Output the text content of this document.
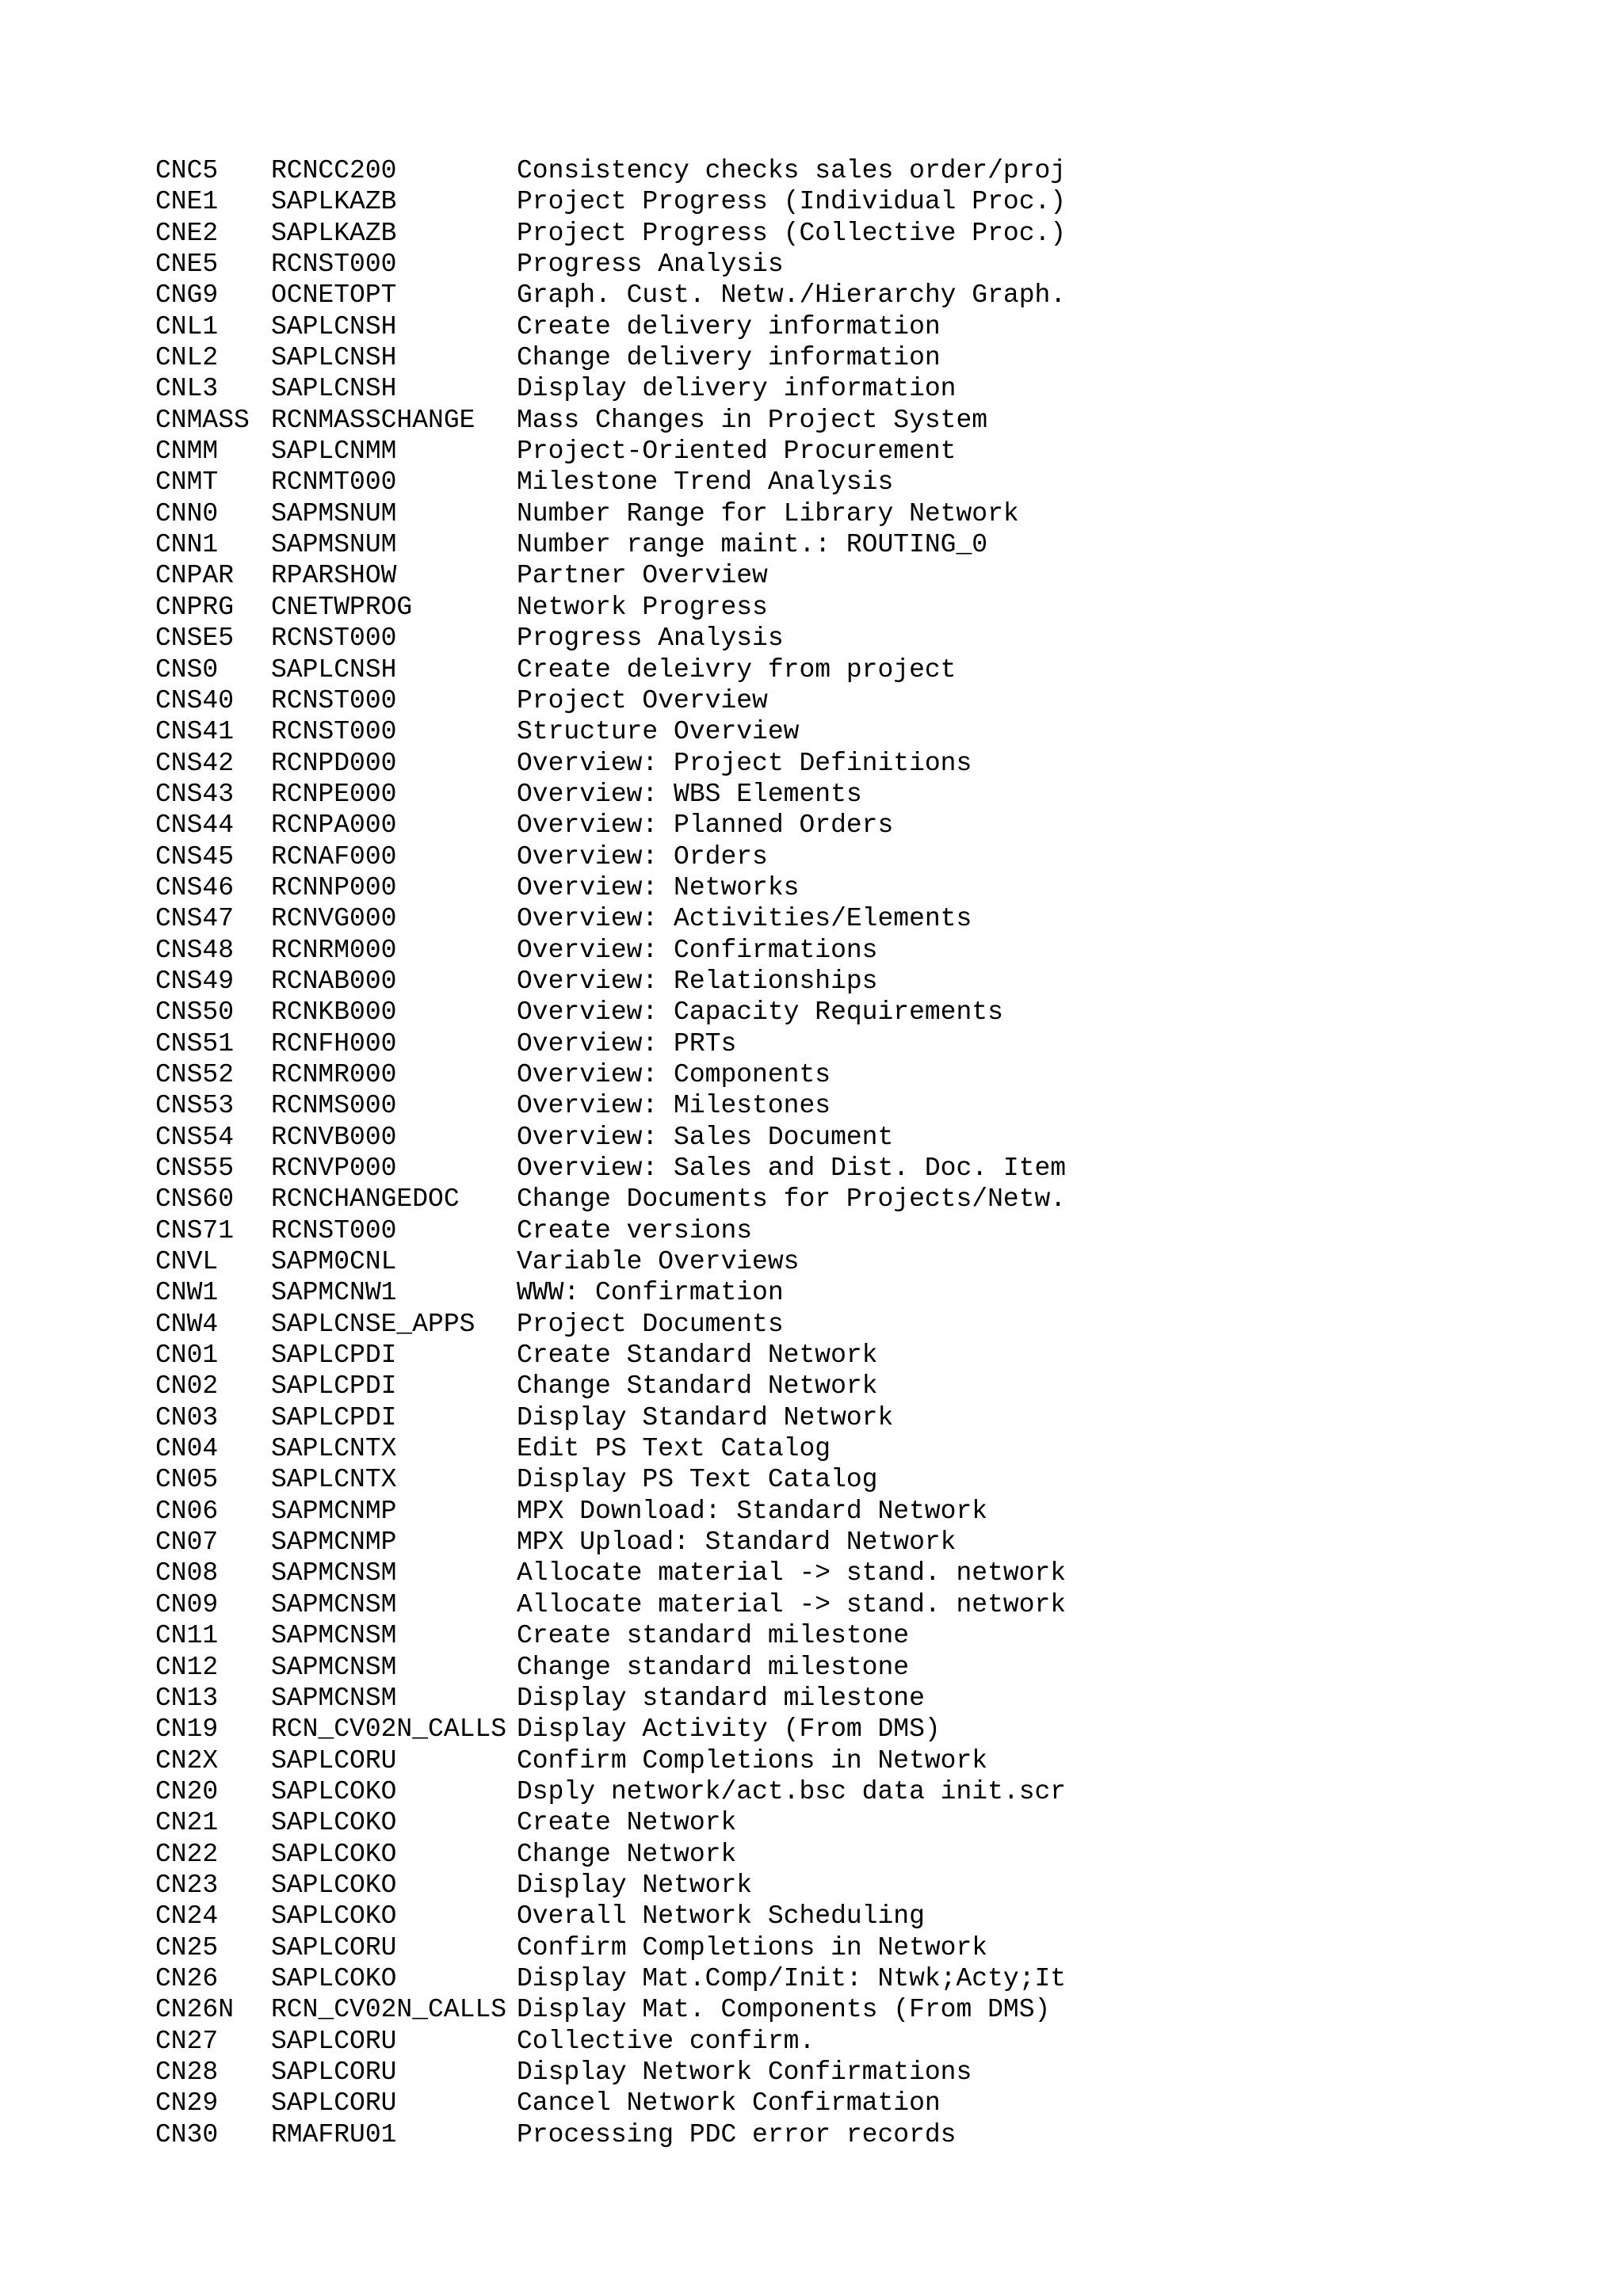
CNC5 RCNCC200	Consistency checks sales order/proj
CNE1 SAPLKAZB	Project Progress (Individual Proc.)
CNE2 SAPLKAZB	Project Progress (Collective Proc.)
CNE5 RCNST000	Progress Analysis
CNG9 OCNETOPT	Graph. Cust. Netw./Hierarchy Graph.
CNL1 SAPLCNSH	Create delivery information
CNL2 SAPLCNSH	Change delivery information
CNL3 SAPLCNSH	Display delivery information
CNMASS RCNMASSCHANGE Mass Changes in Project System
CNMM SAPLCNMM	Project-Oriented Procurement
CNMT RCNMT000	Milestone Trend Analysis
CNN0 SAPMSNUM	Number Range for Library Network
CNN1 SAPMSNUM	Number range maint.: ROUTING_0
CNPAR RPARSHOW	Partner Overview
CNPRG CNETWPROG	Network Progress
CNSE5 RCNST000	Progress Analysis
CNS0 SAPLCNSH	Create deleivry from project
CNS40 RCNST000	Project Overview
CNS41 RCNST000	Structure Overview
CNS42 RCNPD000	Overview: Project Definitions
CNS43 RCNPE000	Overview: WBS Elements
CNS44 RCNPA000	Overview: Planned Orders
CNS45 RCNAF000	Overview: Orders
CNS46 RCNNP000	Overview: Networks
CNS47 RCNVG000	Overview: Activities/Elements
CNS48 RCNRM000	Overview: Confirmations
CNS49 RCNAB000	Overview: Relationships
CNS50 RCNKB000	Overview: Capacity Requirements
CNS51 RCNFH000	Overview: PRTs
CNS52 RCNMR000	Overview: Components
CNS53 RCNMS000	Overview: Milestones
CNS54 RCNVB000	Overview: Sales Document
CNS55 RCNVP000	Overview: Sales and Dist. Doc. Item
CNS60 RCNCHANGEDOC Change Documents for Projects/Netw.
CNS71 RCNST000	Create versions
CNVL SAPM0CNL	Variable Overviews
CNW1 SAPMCNW1	WWW: Confirmation
CNW4 SAPLCNSE_APPS Project Documents
CN01 SAPLCPDI	Create Standard Network
CN02 SAPLCPDI	Change Standard Network
CN03 SAPLCPDI	Display Standard Network
CN04 SAPLCNTX	Edit PS Text Catalog
CN05 SAPLCNTX	Display PS Text Catalog
CN06 SAPMCNMP	MPX Download: Standard Network
CN07 SAPMCNMP	MPX Upload: Standard Network
CN08 SAPMCNSM	Allocate material -> stand. network
CN09 SAPMCNSM	Allocate material -> stand. network
CN11 SAPMCNSM	Create standard milestone
CN12 SAPMCNSM	Change standard milestone
CN13 SAPMCNSM	Display standard milestone
CN19 RCN_CV02N_CALLS Display Activity (From DMS)
CN2X SAPLCORU	Confirm Completions in Network
CN20 SAPLCOKO	Dsply network/act.bsc data init.scr
CN21 SAPLCOKO	Create Network
CN22 SAPLCOKO	Change Network
CN23 SAPLCOKO	Display Network
CN24 SAPLCOKO	Overall Network Scheduling
CN25 SAPLCORU	Confirm Completions in Network
CN26 SAPLCOKO	Display Mat.Comp/Init: Ntwk;Acty;It
CN26N RCN_CV02N_CALLS Display Mat. Components (From DMS)
CN27 SAPLCORU	Collective confirm.
CN28 SAPLCORU	Display Network Confirmations
CN29 SAPLCORU	Cancel Network Confirmation
CN30 RMAFRU01	Processing PDC error records
